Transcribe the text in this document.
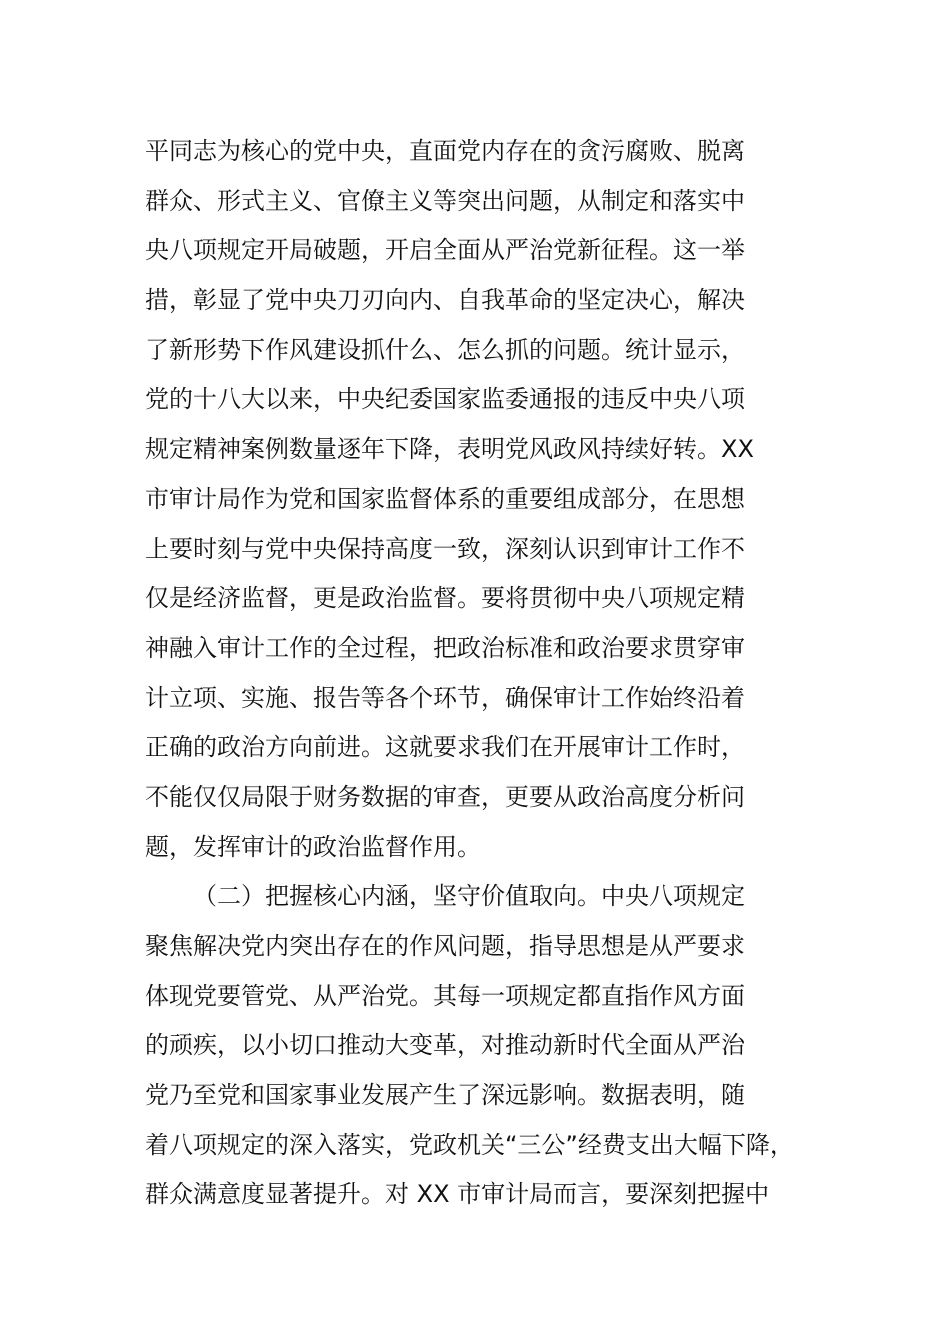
平同志为核心的党中央，直面党内存在的贪污腐败、脱离
群众、形式主义、官僚主义等突出问题，从制定和落实中
央八项规定开局破题，开启全面从严治党新征程。这一举
措，彰显了党中央刀刃向内、自我革命的坚定决心，解决
了新形势下作风建设抓什么、怎么抓的问题。统计显示，
党的十八大以来，中央纪委国家监委通报的违反中央八项
规定精神案例数量逐年下降，表明党风政风持续好转。XX
市审计局作为党和国家监督体系的重要组成部分，在思想
上要时刻与党中央保持高度一致，深刻认识到审计工作不
仅是经济监督，更是政治监督。要将贯彻中央八项规定精
神融入审计工作的全过程，把政治标准和政治要求贯穿审
计立项、实施、报告等各个环节，确保审计工作始终沿着
正确的政治方向前进。这就要求我们在开展审计工作时，
不能仅仅局限于财务数据的审查，更要从政治高度分析问
题，发挥审计的政治监督作用。
（二）把握核心内涵，坚守价值取向。中央八项规定
聚焦解决党内突出存在的作风问题，指导思想是从严要求
体现党要管党、从严治党。其每一项规定都直指作风方面
的顽疾，以小切口推动大变革，对推动新时代全面从严治
党乃至党和国家事业发展产生了深远影响。数据表明，随
着八项规定的深入落实，党政机关“三公”经费支出大幅下降，
群众满意度显著提升。对 XX 市审计局而言，要深刻把握中
